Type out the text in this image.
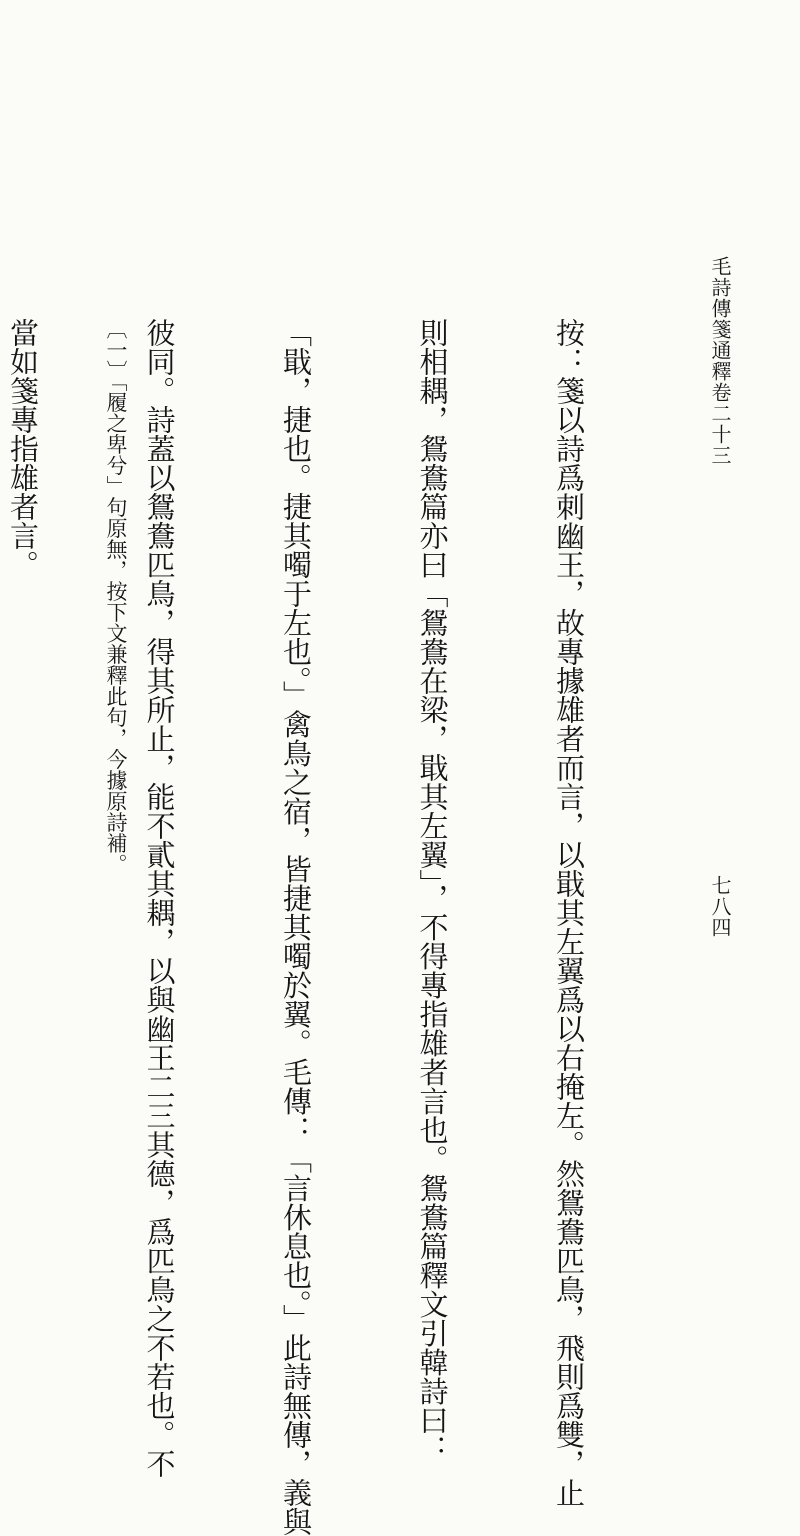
毛詩傳箋通釋卷二十三
七八四

按：箋以詩爲刺幽王，故專據雄者而言，以戢其左翼爲以右掩左。然鴛鴦匹鳥，飛則爲雙，止

則相耦，鴛鴦篇亦曰「鴛鴦在梁，戢其左翼」，不得專指雄者言也。鴛鴦篇釋文引韓詩曰：

「戢，捷也。捷其噣于左也。」禽鳥之宿，皆捷其噣於翼。毛傳：「言休息也。」此詩無傳，義與

彼同。詩蓋以鴛鴦匹鳥，得其所止，能不貳其耦，以與幽王二三其德，爲匹鳥之不若也。不

當如箋專指雄者言。

	〔一〕「履之卑兮」句原無，按下文兼釋此句，今據原詩補。
